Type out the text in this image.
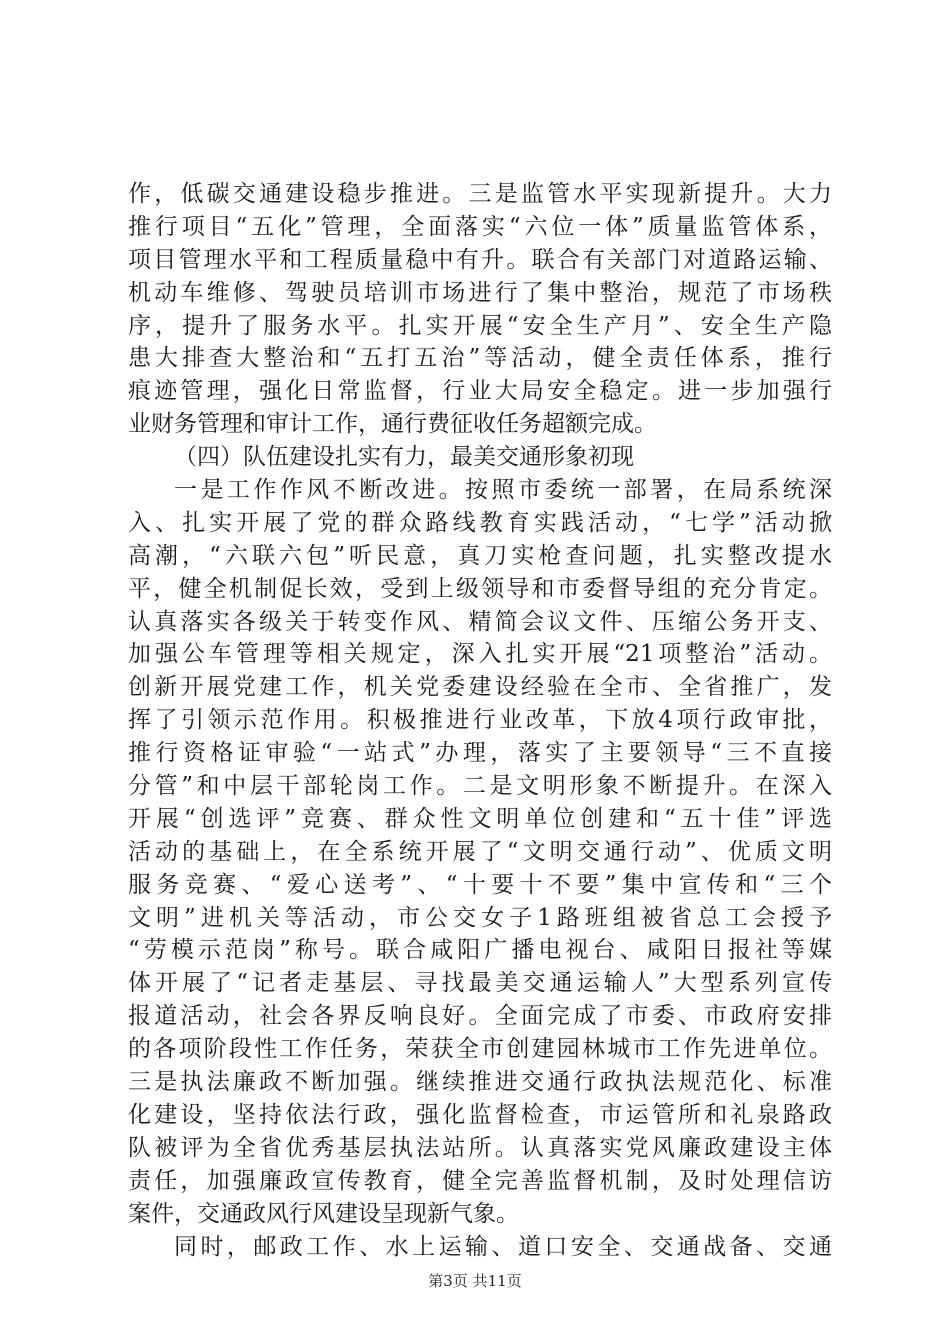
作，低碳交通建设稳步推进。三是监管水平实现新提升。大力
推行项目“五化”管理，全面落实“六位一体”质量监管体系，
项目管理水平和工程质量稳中有升。联合有关部门对道路运输、
机动车维修、驾驶员培训市场进行了集中整治，规范了市场秩
序，提升了服务水平。扎实开展“安全生产月”、安全生产隐
患大排查大整治和“五打五治”等活动，健全责任体系，推行
痕迹管理，强化日常监督，行业大局安全稳定。进一步加强行
业财务管理和审计工作，通行费征收任务超额完成。
（四）队伍建设扎实有力，最美交通形象初现
一是工作作风不断改进。按照市委统一部署，在局系统深
入、扎实开展了党的群众路线教育实践活动，“七学”活动掀
高潮，“六联六包”听民意，真刀实枪查问题，扎实整改提水
平，健全机制促长效，受到上级领导和市委督导组的充分肯定。
认真落实各级关于转变作风、精简会议文件、压缩公务开支、
加强公车管理等相关规定，深入扎实开展“21项整治”活动。
创新开展党建工作，机关党委建设经验在全市、全省推广，发
挥了引领示范作用。积极推进行业改革，下放4项行政审批，
推行资格证审验“一站式”办理，落实了主要领导“三不直接
分管”和中层干部轮岗工作。二是文明形象不断提升。在深入
开展“创选评”竞赛、群众性文明单位创建和“五十佳”评选
活动的基础上，在全系统开展了“文明交通行动”、优质文明
服务竞赛、“爱心送考”、“十要十不要”集中宣传和“三个
文明”进机关等活动，市公交女子1路班组被省总工会授予
“劳模示范岗”称号。联合咸阳广播电视台、咸阳日报社等媒
体开展了“记者走基层、寻找最美交通运输人”大型系列宣传
报道活动，社会各界反响良好。全面完成了市委、市政府安排
的各项阶段性工作任务，荣获全市创建园林城市工作先进单位。
三是执法廉政不断加强。继续推进交通行政执法规范化、标准
化建设，坚持依法行政，强化监督检查，市运管所和礼泉路政
队被评为全省优秀基层执法站所。认真落实党风廉政建设主体
责任，加强廉政宣传教育，健全完善监督机制，及时处理信访
案件，交通政风行风建设呈现新气象。
同时，邮政工作、水上运输、道口安全、交通战备、交通
第3页 共11页
